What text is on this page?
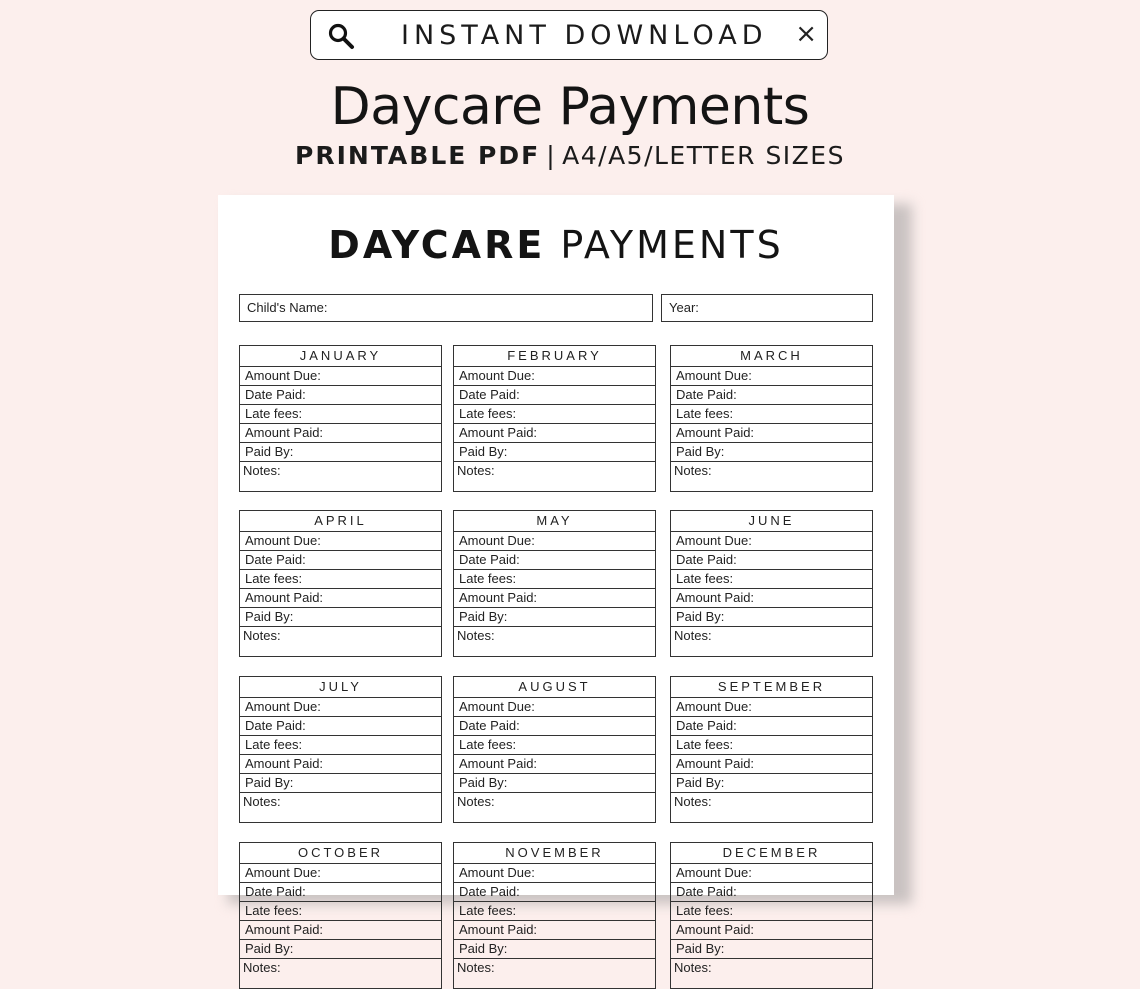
INSTANT DOWNLOAD ×
Daycare Payments
PRINTABLE PDF | A4/A5/LETTER SIZES
DAYCARE PAYMENTS
Child's Name:	Year:
JANUARY
Amount Due:
Date Paid:
Late fees:
Amount Paid:
Paid By:
Notes:
FEBRUARY
Amount Due:
Date Paid:
Late fees:
Amount Paid:
Paid By:
Notes:
MARCH
Amount Due:
Date Paid:
Late fees:
Amount Paid:
Paid By:
Notes:
APRIL
Amount Due:
Date Paid:
Late fees:
Amount Paid:
Paid By:
Notes:
MAY
Amount Due:
Date Paid:
Late fees:
Amount Paid:
Paid By:
Notes:
JUNE
Amount Due:
Date Paid:
Late fees:
Amount Paid:
Paid By:
Notes:
JULY
Amount Due:
Date Paid:
Late fees:
Amount Paid:
Paid By:
Notes:
AUGUST
Amount Due:
Date Paid:
Late fees:
Amount Paid:
Paid By:
Notes:
SEPTEMBER
Amount Due:
Date Paid:
Late fees:
Amount Paid:
Paid By:
Notes:
OCTOBER
Amount Due:
Date Paid:
Late fees:
Amount Paid:
Paid By:
Notes:
NOVEMBER
Amount Due:
Date Paid:
Late fees:
Amount Paid:
Paid By:
Notes:
DECEMBER
Amount Due:
Date Paid:
Late fees:
Amount Paid:
Paid By:
Notes:
